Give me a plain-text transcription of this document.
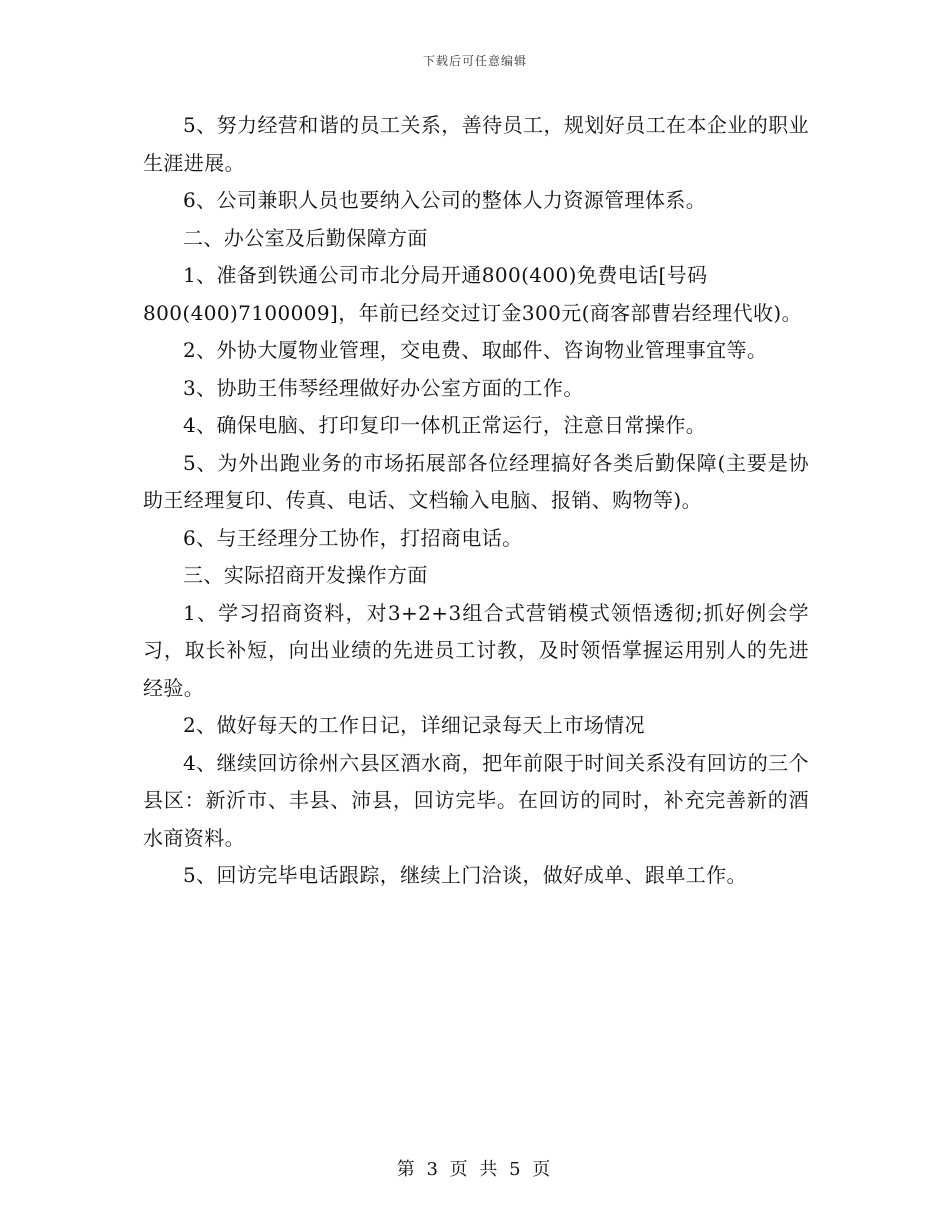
下载后可任意编辑

5、努力经营和谐的员工关系，善待员工，规划好员工在本企业的职业生涯进展。

6、公司兼职人员也要纳入公司的整体人力资源管理体系。

二、办公室及后勤保障方面

1、准备到铁通公司市北分局开通800(400)免费电话[号码

800(400)7100009]，年前已经交过订金300元(商客部曹岩经理代收)。

2、外协大厦物业管理，交电费、取邮件、咨询物业管理事宜等。

3、协助王伟琴经理做好办公室方面的工作。

4、确保电脑、打印复印一体机正常运行，注意日常操作。

5、为外出跑业务的市场拓展部各位经理搞好各类后勤保障(主要是协助王经理复印、传真、电话、文档输入电脑、报销、购物等)。

6、与王经理分工协作，打招商电话。

三、实际招商开发操作方面

1、学习招商资料，对3+2+3组合式营销模式领悟透彻;抓好例会学习，取长补短，向出业绩的先进员工讨教，及时领悟掌握运用别人的先进经验。

2、做好每天的工作日记，详细记录每天上市场情况

4、继续回访徐州六县区酒水商，把年前限于时间关系没有回访的三个县区：新沂市、丰县、沛县，回访完毕。在回访的同时，补充完善新的酒水商资料。

5、回访完毕电话跟踪，继续上门洽谈，做好成单、跟单工作。

第 3 页 共 5 页
